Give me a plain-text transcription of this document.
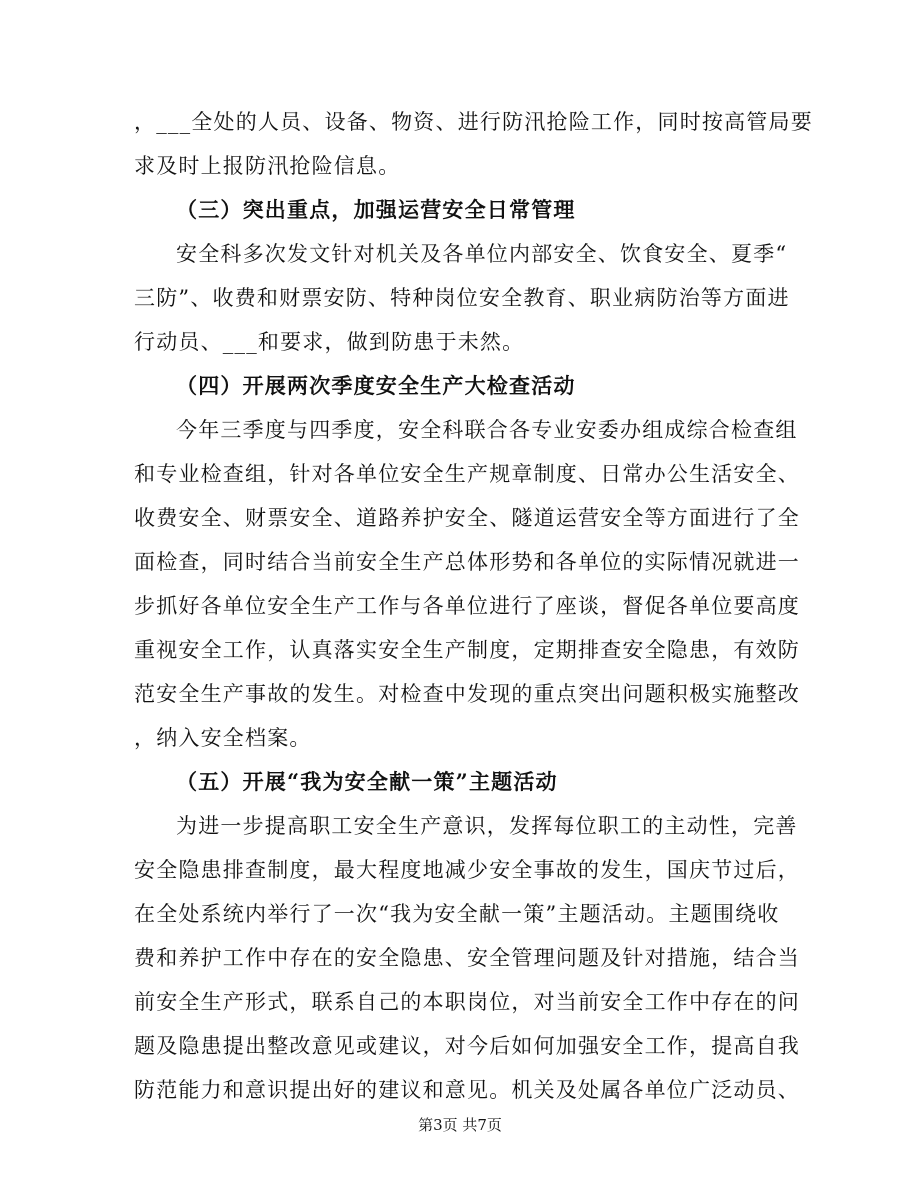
，___全处的人员、设备、物资、进行防汛抢险工作，同时按高管局要
求及时上报防汛抢险信息。
（三）突出重点，加强运营安全日常管理
安全科多次发文针对机关及各单位内部安全、饮食安全、夏季“
三防”、收费和财票安防、特种岗位安全教育、职业病防治等方面进
行动员、___和要求，做到防患于未然。
（四）开展两次季度安全生产大检查活动
今年三季度与四季度，安全科联合各专业安委办组成综合检查组
和专业检查组，针对各单位安全生产规章制度、日常办公生活安全、
收费安全、财票安全、道路养护安全、隧道运营安全等方面进行了全
面检查，同时结合当前安全生产总体形势和各单位的实际情况就进一
步抓好各单位安全生产工作与各单位进行了座谈，督促各单位要高度
重视安全工作，认真落实安全生产制度，定期排查安全隐患，有效防
范安全生产事故的发生。对检查中发现的重点突出问题积极实施整改
，纳入安全档案。
（五）开展“我为安全献一策”主题活动
为进一步提高职工安全生产意识，发挥每位职工的主动性，完善
安全隐患排查制度，最大程度地减少安全事故的发生，国庆节过后，
在全处系统内举行了一次“我为安全献一策”主题活动。主题围绕收
费和养护工作中存在的安全隐患、安全管理问题及针对措施，结合当
前安全生产形式，联系自己的本职岗位，对当前安全工作中存在的问
题及隐患提出整改意见或建议，对今后如何加强安全工作，提高自我
防范能力和意识提出好的建议和意见。机关及处属各单位广泛动员、
第3页 共7页
